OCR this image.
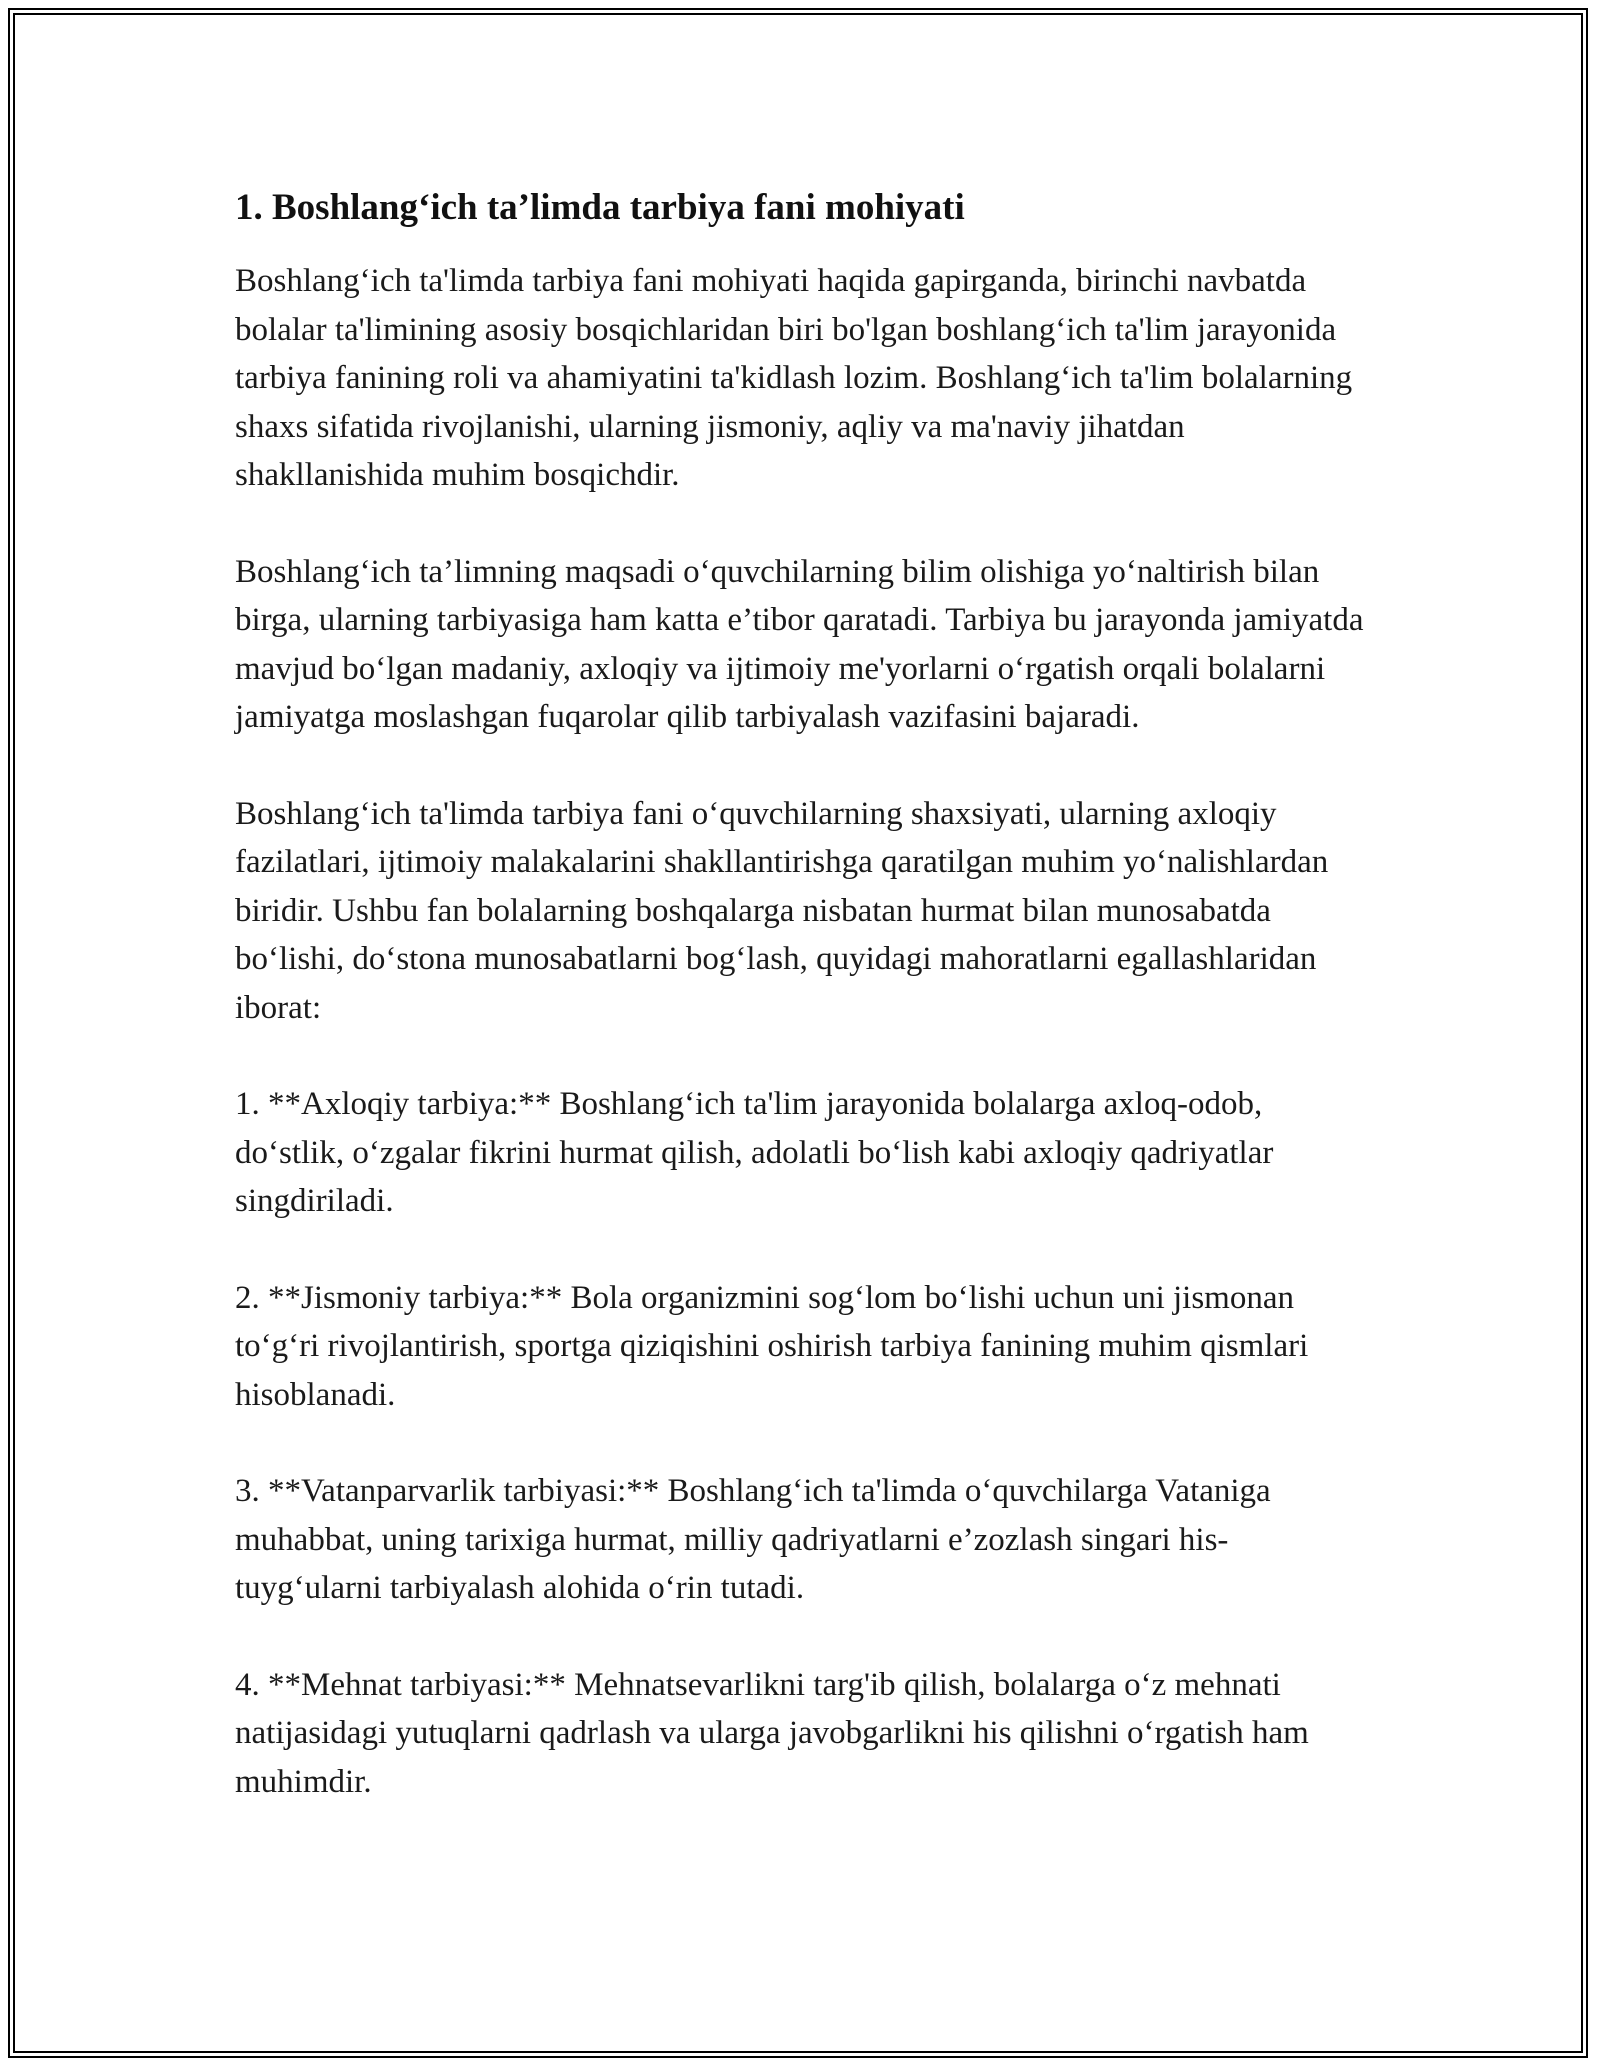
1. Boshlang‘ich ta’limda tarbiya fani mohiyati

Boshlang‘ich ta'limda tarbiya fani mohiyati haqida gapirganda, birinchi navbatda bolalar ta'limining asosiy bosqichlaridan biri bo'lgan boshlang‘ich ta'lim jarayonida tarbiya fanining roli va ahamiyatini ta'kidlash lozim. Boshlang‘ich ta'lim bolalarning shaxs sifatida rivojlanishi, ularning jismoniy, aqliy va ma'naviy jihatdan shakllanishida muhim bosqichdir.

Boshlang‘ich ta’limning maqsadi o‘quvchilarning bilim olishiga yo‘naltirish bilan birga, ularning tarbiyasiga ham katta e’tibor qaratadi. Tarbiya bu jarayonda jamiyatda mavjud bo‘lgan madaniy, axloqiy va ijtimoiy me'yorlarni o‘rgatish orqali bolalarni jamiyatga moslashgan fuqarolar qilib tarbiyalash vazifasini bajaradi.

Boshlang‘ich ta'limda tarbiya fani o‘quvchilarning shaxsiyati, ularning axloqiy fazilatlari, ijtimoiy malakalarini shakllantirishga qaratilgan muhim yo‘nalishlardan biridir. Ushbu fan bolalarning boshqalarga nisbatan hurmat bilan munosabatda bo‘lishi, do‘stona munosabatlarni bog‘lash, quyidagi mahoratlarni egallashlaridan iborat:

1. **Axloqiy tarbiya:** Boshlang‘ich ta'lim jarayonida bolalarga axloq-odob, do‘stlik, o‘zgalar fikrini hurmat qilish, adolatli bo‘lish kabi axloqiy qadriyatlar singdiriladi.

2. **Jismoniy tarbiya:** Bola organizmini sog‘lom bo‘lishi uchun uni jismonan to‘g‘ri rivojlantirish, sportga qiziqishini oshirish tarbiya fanining muhim qismlari hisoblanadi.

3. **Vatanparvarlik tarbiyasi:** Boshlang‘ich ta'limda o‘quvchilarga Vataniga muhabbat, uning tarixiga hurmat, milliy qadriyatlarni e’zozlash singari his-tuyg‘ularni tarbiyalash alohida o‘rin tutadi.

4. **Mehnat tarbiyasi:** Mehnatsevarlikni targ'ib qilish, bolalarga o‘z mehnati natijasidagi yutuqlarni qadrlash va ularga javobgarlikni his qilishni o‘rgatish ham muhimdir.
